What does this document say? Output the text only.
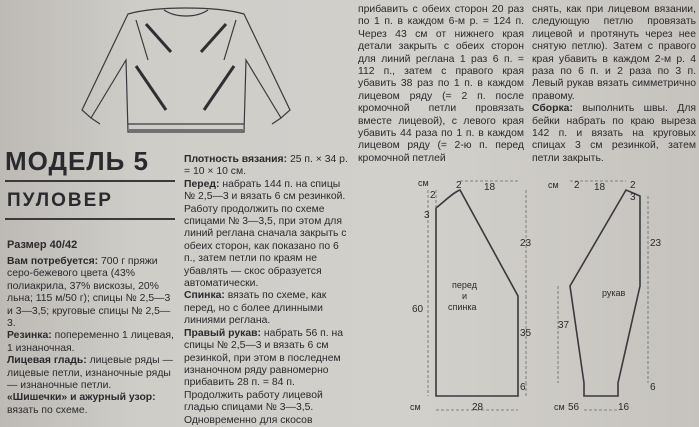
МОДЕЛЬ 5
ПУЛОВЕР
Размер 40/42

Вам потребуется: 700 г пряжи серо-бежевого цвета (43% полиакрила, 37% вискозы, 20% льна; 115 м/50 г); спицы № 2,5—3 и 3—3,5; круговые спицы № 2,5—3.

Резинка: попеременно 1 лицевая, 1 изнаночная.

Лицевая гладь: лицевые ряды — лицевые петли, изнаночные ряды — изнаночные петли.

«Шишечки» и ажурный узор: вязать по схеме.

Плотность вязания: 25 п. × 34 р. = 10 × 10 см.

Перед: набрать 144 п. на спицы № 2,5—3 и вязать 6 см резинкой. Работу продолжить по схеме спицами № 3—3,5, при этом для линий реглана сначала закрыть с обеих сторон, как показано по 6 п., затем петли по краям не убавлять — скос образуется автоматически.

Спинка: вязать по схеме, как перед, но с более длинными линиями реглана.

Правый рукав: набрать 56 п. на спицы № 2,5—3 и вязать 6 см резинкой, при этом в последнем изнаночном ряду равномерно прибавить 28 п. = 84 п. Продолжить работу лицевой гладью спицами № 3—3,5. Одновременно для скосов

прибавить с обеих сторон 20 раз по 1 п. в каждом 6-м р. = 124 п. Через 43 см от нижнего края детали закрыть с обеих сторон для линий реглана 1 раз 6 п. = 112 п., затем с правого края убавить 38 раз по 1 п. в каждом лицевом ряду (= 2 п. после кромочной петли провязать вместе лицевой), с левого края убавить 44 раза по 1 п. в каждом лицевом ряду (= 2-ю п. перед кромочной петлей

снять, как при лицевом вязании, следующую петлю провязать лицевой и протянуть через нее снятую петлю). Затем с правого края убавить в каждом 2-м р. 4 раза по 6 п. и 2 раза по 3 п. Левый рукав вязать симметрично правому.

Сборка: выполнить швы. Для бейки набрать по краю выреза 142 п. и вязать на круговых спицах 3 см резинкой, затем петли закрыть.

2
3
2 18
см
23
60
35
6
28
см
перед
и
спинка
см 2 18 2
3
23
37
6
см 56	16
рукав
